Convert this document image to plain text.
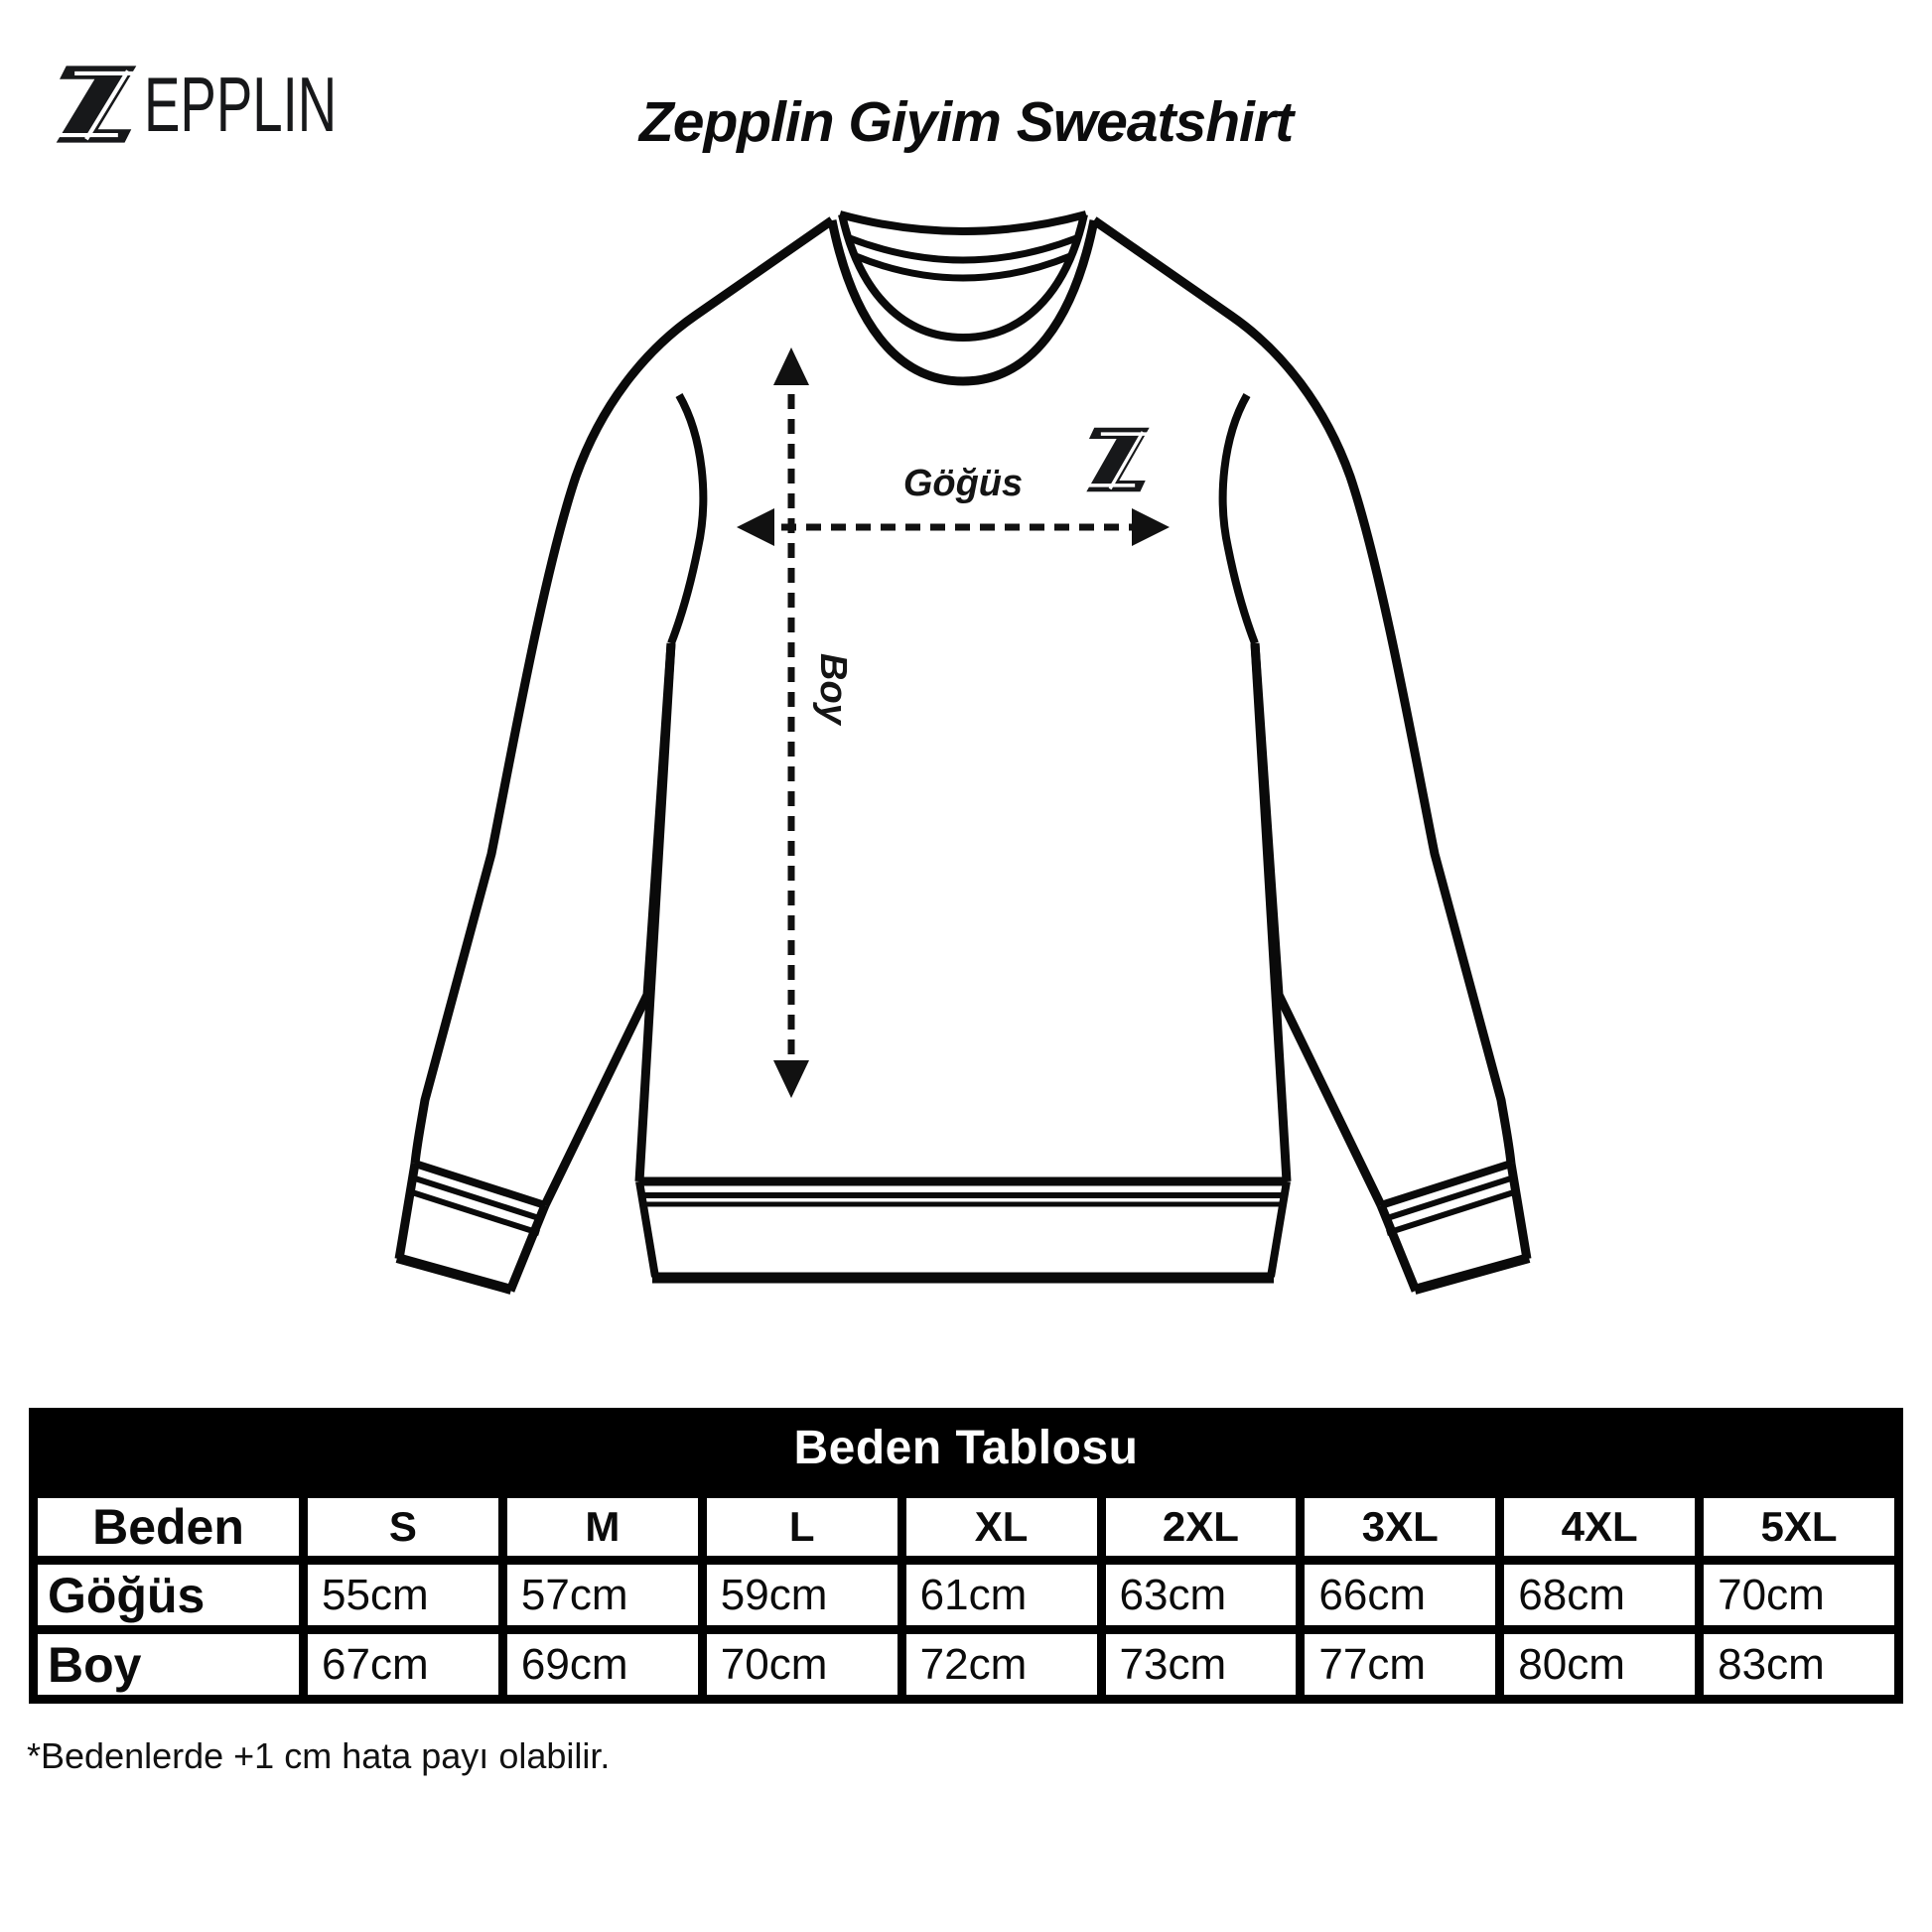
EPPLIN	Zepplin Giyim Sweatshirt
Göğüs
Boy
Beden Tablosu
Beden	S	M	L	XL	2XL	3XL	4XL	5XL
Göğüs	55cm	57cm	59cm	61cm	63cm	66cm	68cm	70cm
Boy	67cm	69cm	70cm	72cm	73cm	77cm	80cm	83cm

*Bedenlerde +1 cm hata payı olabilir.
